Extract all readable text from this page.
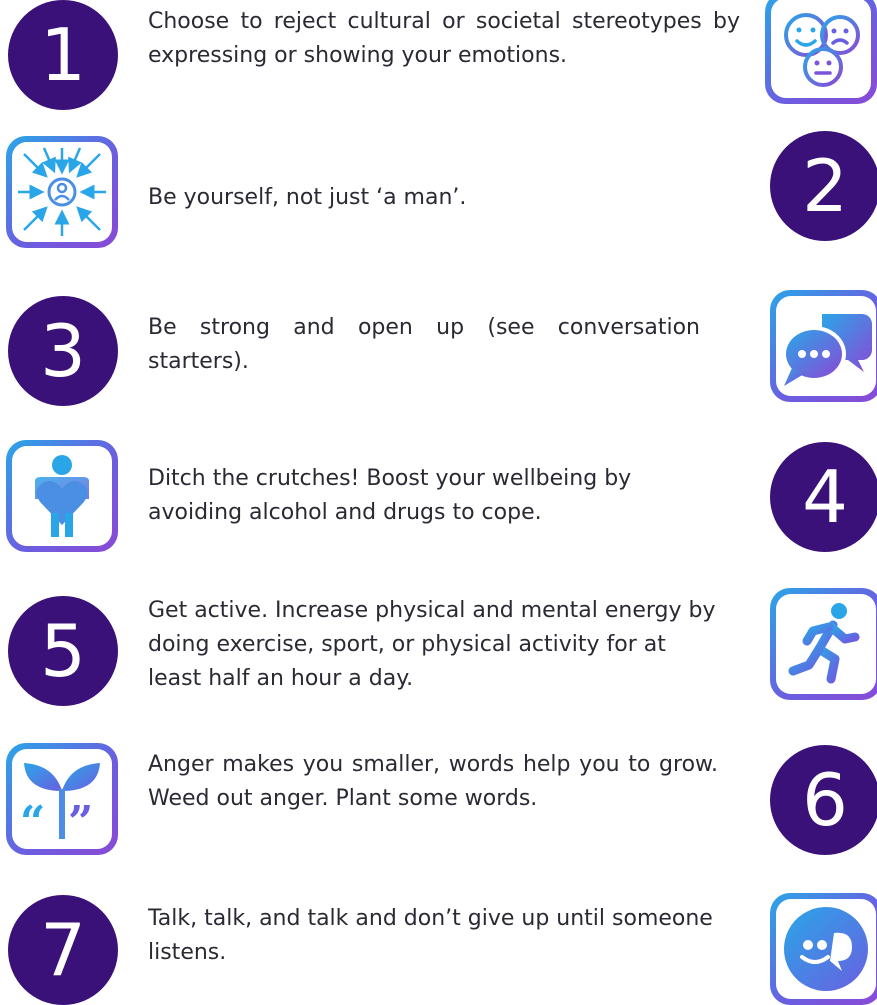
1	Choose to reject cultural or societal stereotypes by expressing or showing your emotions.
Be yourself, not just ‘a man’.	2
3	Be strong and open up (see conversation starters).
Ditch the crutches! Boost your wellbeing by avoiding alcohol and drugs to cope.	4
5	Get active. Increase physical and mental energy by doing exercise, sport, or physical activity for at least half an hour a day.
“ ”
Anger makes you smaller, words help you to grow. Weed out anger. Plant some words.	6
7	Talk, talk, and talk and don’t give up until someone listens.
